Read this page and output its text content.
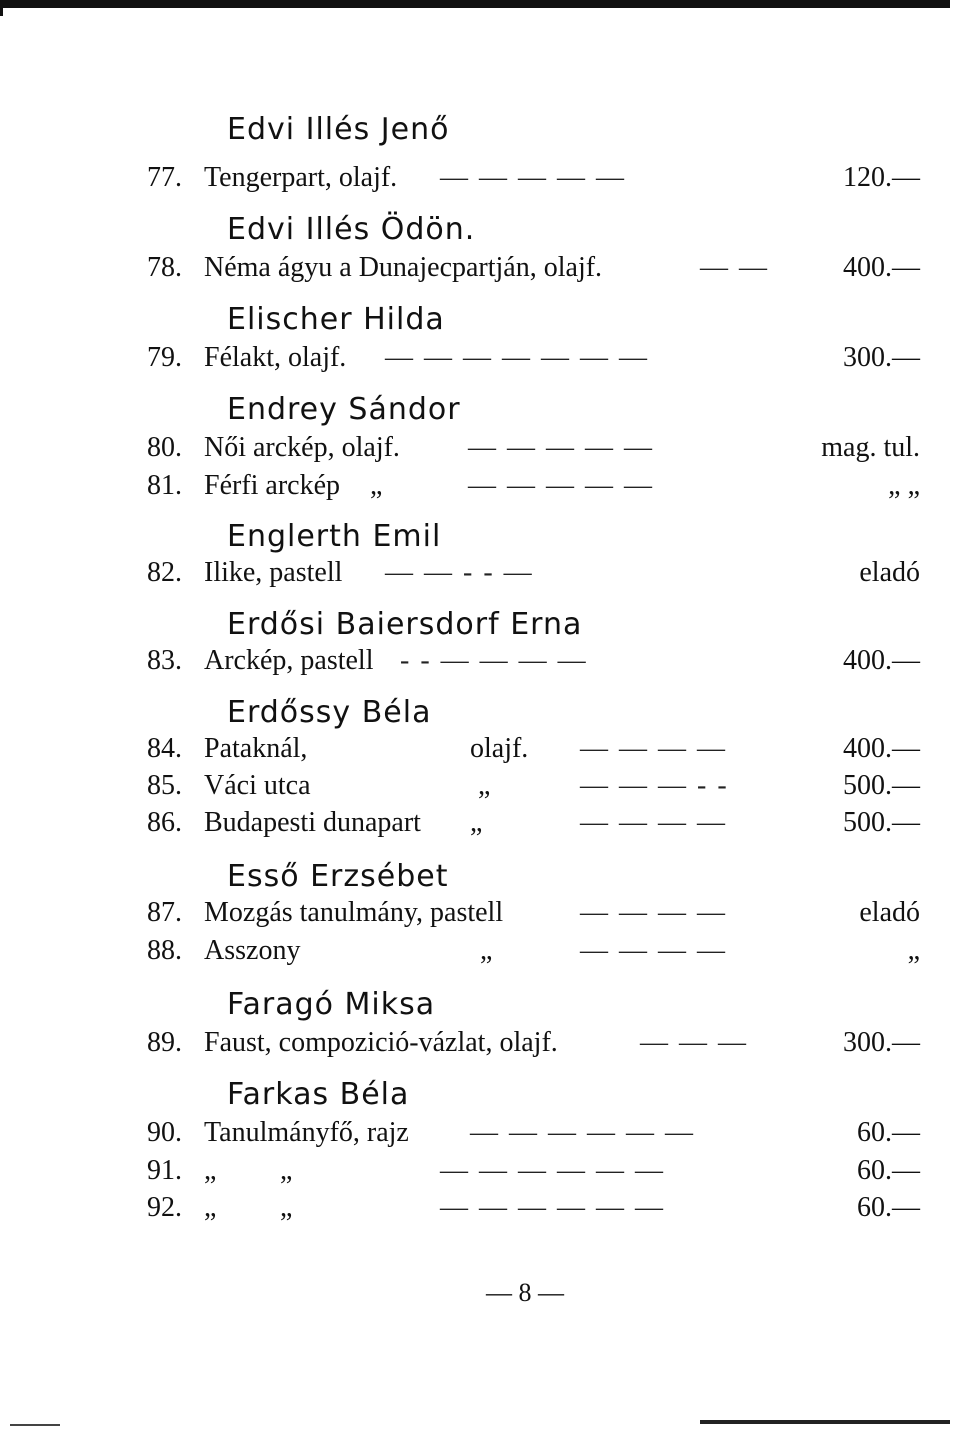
Edvi Illés Jenő
77. Tengerpart, olajf. — — — — —	120.—
Edvi Illés Ödön.
78. Néma ágyu a Dunajecpartján, olajf.	— —	400.—
Elischer Hilda
79. Félakt, olajf. — — — — — — —	300.—
Endrey Sándor
80. Női arckép, olajf. — — — — —	mag. tul.
81. Férfi arckép „	— — — — —	„ „
Englerth Emil
82. Ilike, pastell — — - - —	eladó
Erdősi Baiersdorf Erna
83. Arckép, pastell - - — — — —	400.—
Erdőssy Béla
84. Pataknál,	olajf. — — — —	400.—
85. Váci utca	„	— — — - -	500.—
86. Budapesti dunapart „	— — — —	500.—
Esső Erzsébet
87. Mozgás tanulmány, pastell	— — — —	eladó
88. Asszony	„	— — — —	„
Faragó Miksa
89. Faust, compozició-vázlat, olajf.	— — —	300.—
Farkas Béla
90. Tanulmányfő, rajz — — — — — —	60.—
91. „ „	— — — — — —	60.—
92. „ „	— — — — — —	60.—
— 8 —
